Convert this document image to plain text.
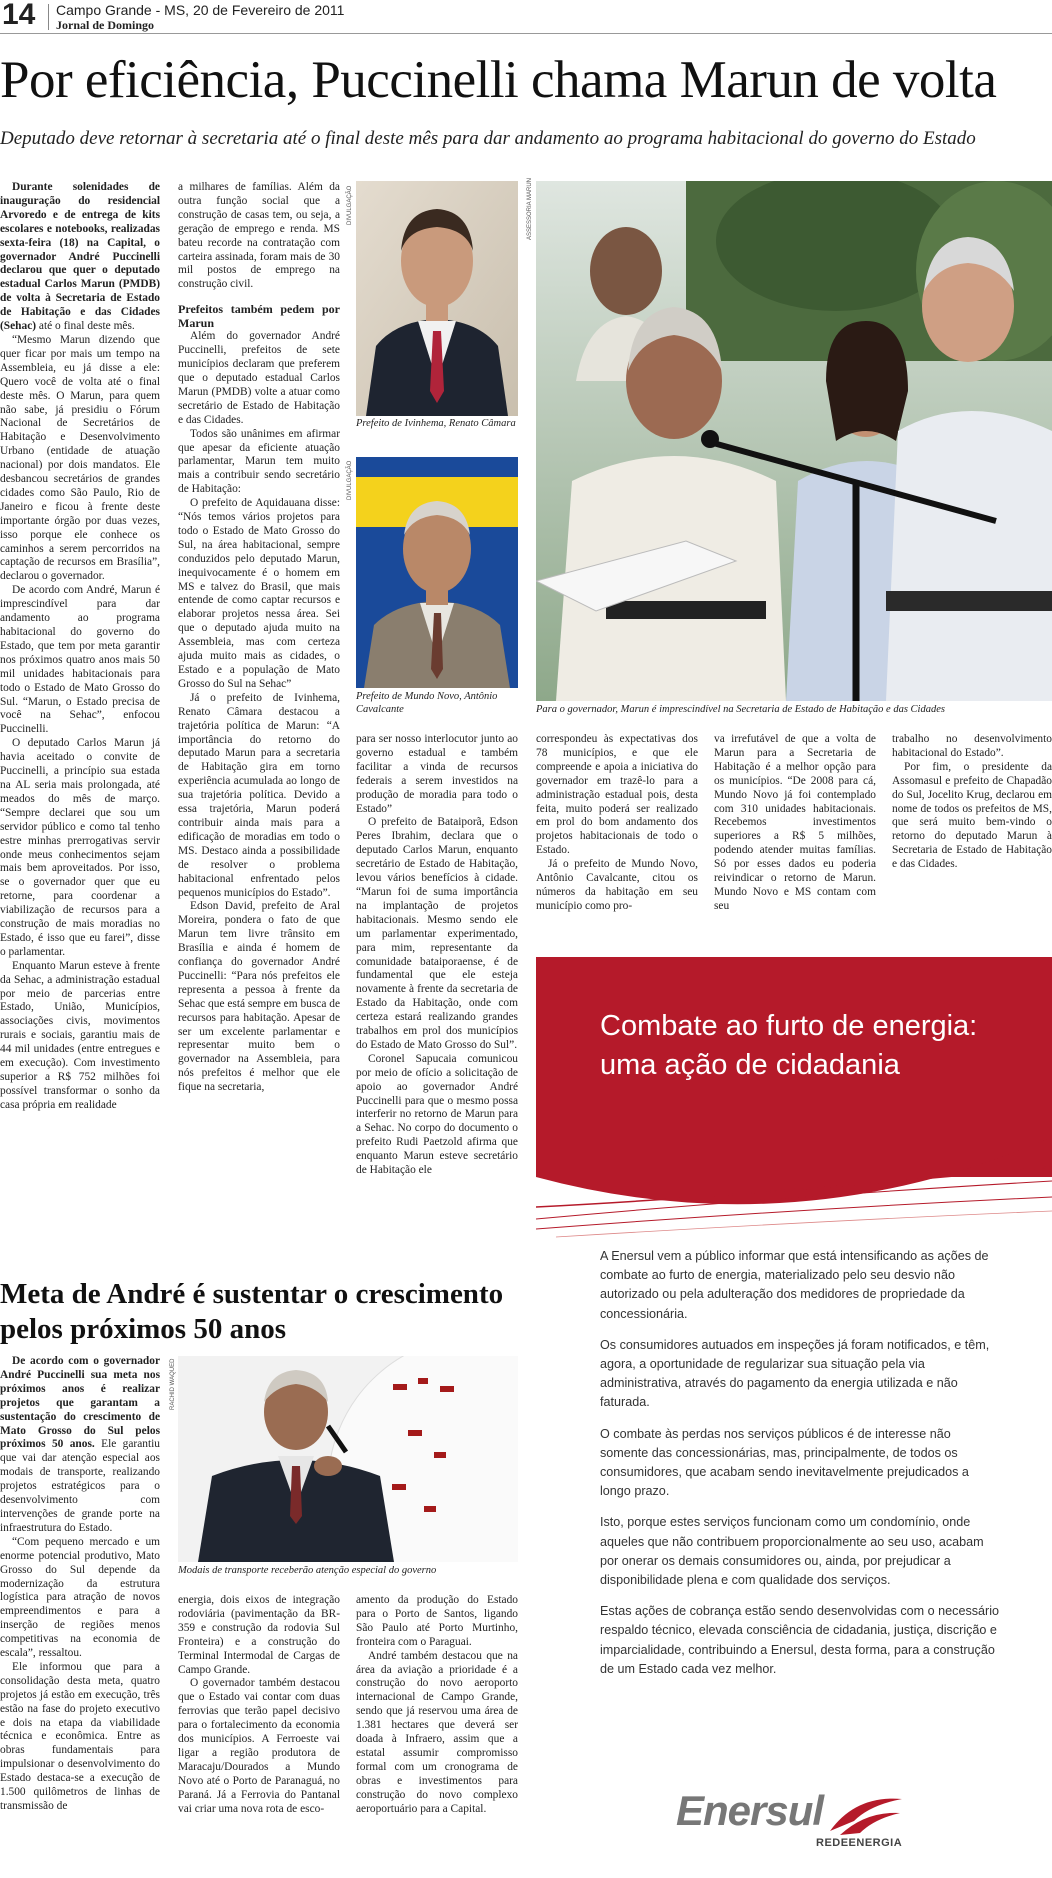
14 Campo Grande - MS, 20 de Fevereiro de 2011
Jornal de Domingo
Por eficiência, Puccinelli chama Marun de volta
Deputado deve retornar à secretaria até o final deste mês para dar andamento ao programa habitacional do governo do Estado

Durante solenidades de inauguração do residencial Arvoredo e de entrega de kits escolares e notebooks, realizadas sexta-feira (18) na Capital, o governador André Puccinelli declarou que quer o deputado estadual Carlos Marun (PMDB) de volta à Secretaria de Estado de Habitação e das Cidades (Sehac) até o final deste mês.

“Mesmo Marun dizendo que quer ficar por mais um tempo na Assembleia, eu já disse a ele: Quero você de volta até o final deste mês. O Marun, para quem não sabe, já presidiu o Fórum Nacional de Secretários de Habitação e Desenvolvimento Urbano (entidade de atuação nacional) por dois mandatos. Ele desbancou secretários de grandes cidades como São Paulo, Rio de Janeiro e ficou à frente deste importante órgão por duas vezes, isso porque ele conhece os caminhos a serem percorridos na captação de recursos em Brasília”, declarou o governador.

De acordo com André, Marun é imprescindível para dar andamento ao programa habitacional do governo do Estado, que tem por meta garantir nos próximos quatro anos mais 50 mil unidades habitacionais para todo o Estado de Mato Grosso do Sul. “Marun, o Estado precisa de você na Sehac”, enfocou Puccinelli.

O deputado Carlos Marun já havia aceitado o convite de Puccinelli, a princípio sua estada na AL seria mais prolongada, até meados do mês de março. “Sempre declarei que sou um servidor público e como tal tenho estre minhas prerrogativas servir onde meus conhecimentos sejam mais bem aproveitados. Por isso, se o governador quer que eu retorne, para coordenar a viabilização de recursos para a construção de mais moradias no Estado, é isso que eu farei”, disse o parlamentar.

Enquanto Marun esteve à frente da Sehac, a administração estadual por meio de parcerias entre Estado, União, Municípios, associações civis, movimentos rurais e sociais, garantiu mais de 44 mil unidades (entre entregues e em execução). Com investimento superior a R$ 752 milhões foi possível transformar o sonho da casa própria em realidade

a milhares de famílias. Além da outra função social que a construção de casas tem, ou seja, a geração de emprego e renda. MS bateu recorde na contratação com carteira assinada, foram mais de 30 mil postos de emprego na construção civil.

Prefeitos também pedem por Marun

Além do governador André Puccinelli, prefeitos de sete municípios declaram que preferem que o deputado estadual Carlos Marun (PMDB) volte a atuar como secretário de Estado de Habitação e das Cidades.

Todos são unânimes em afirmar que apesar da eficiente atuação parlamentar, Marun tem muito mais a contribuir sendo secretário de Habitação:

O prefeito de Aquidauana disse: “Nós temos vários projetos para todo o Estado de Mato Grosso do Sul, na área habitacional, sempre conduzidos pelo deputado Marun, inequivocamente é o homem em MS e talvez do Brasil, que mais entende de como captar recursos e elaborar projetos nessa área. Sei que o deputado ajuda muito na Assembleia, mas com certeza ajuda muito mais as cidades, o Estado e a população de Mato Grosso do Sul na Sehac”

Já o prefeito de Ivinhema, Renato Câmara destacou a trajetória política de Marun: “A importância do retorno do deputado Marun para a secretaria de Habitação gira em torno experiência acumulada ao longo de sua trajetória política. Devido a essa trajetória, Marun poderá contribuir ainda mais para a edificação de moradias em todo o MS. Destaco ainda a possibilidade de resolver o problema habitacional enfrentado pelos pequenos municípios do Estado”.

Edson David, prefeito de Aral Moreira, pondera o fato de que Marun tem livre trânsito em Brasília e ainda é homem de confiança do governador André Puccinelli: “Para nós prefeitos ele representa a pessoa à frente da Sehac que está sempre em busca de recursos para habitação. Apesar de ser um excelente parlamentar e representar muito bem o governador na Assembleia, para nós prefeitos é melhor que ele fique na secretaria,

DIVULGAÇÃO
Prefeito de Ivinhema, Renato Câmara
DIVULGAÇÃO
Prefeito de Mundo Novo, Antônio Cavalcante
ASSESSORIA MARUN
Para o governador, Marun é imprescindível na Secretaria de Estado de Habitação e das Cidades

para ser nosso interlocutor junto ao governo estadual e também facilitar a vinda de recursos federais a serem investidos na produção de moradia para todo o Estado”

O prefeito de Bataiporã, Edson Peres Ibrahim, declara que o deputado Carlos Marun, enquanto secretário de Estado de Habitação, levou vários benefícios à cidade. “Marun foi de suma importância na implantação de projetos habitacionais. Mesmo sendo ele um parlamentar experimentado, para mim, representante da comunidade bataiporaense, é de fundamental que ele esteja novamente à frente da secretaria de Estado da Habitação, onde com certeza estará realizando grandes trabalhos em prol dos municípios do Estado de Mato Grosso do Sul”.

Coronel Sapucaia comunicou por meio de ofício a solicitação de apoio ao governador André Puccinelli para que o mesmo possa interferir no retorno de Marun para a Sehac. No corpo do documento o prefeito Rudi Paetzold afirma que enquanto Marun esteve secretário de Habitação ele

correspondeu às expectativas dos 78 municípios, e que ele compreende e apoia a iniciativa do governador em trazê-lo para a administração estadual pois, desta feita, muito poderá ser realizado em prol do bom andamento dos projetos habitacionais de todo o Estado.

Já o prefeito de Mundo Novo, Antônio Cavalcante, citou os números da habitação em seu município como pro-

va irrefutável de que a volta de Marun para a Secretaria de Habitação é a melhor opção para os municípios. “De 2008 para cá, Mundo Novo já foi contemplado com 310 unidades habitacionais. Recebemos investimentos superiores a R$ 5 milhões, podendo atender muitas famílias. Só por esses dados eu poderia reivindicar o retorno de Marun. Mundo Novo e MS contam com seu

trabalho no desenvolvimento habitacional do Estado”.

Por fim, o presidente da Assomasul e prefeito de Chapadão do Sul, Jocelito Krug, declarou em nome de todos os prefeitos de MS, que será muito bem-vindo o retorno do deputado Marun à Secretaria de Estado de Habitação e das Cidades.

Meta de André é sustentar o crescimento pelos próximos 50 anos

De acordo com o governador André Puccinelli sua meta nos próximos anos é realizar projetos que garantam a sustentação do crescimento de Mato Grosso do Sul pelos próximos 50 anos. Ele garantiu que vai dar atenção especial aos modais de transporte, realizando projetos estratégicos para o desenvolvimento com intervenções de grande porte na infraestrutura do Estado.

“Com pequeno mercado e um enorme potencial produtivo, Mato Grosso do Sul depende da modernização da estrutura logística para atração de novos empreendimentos e para a inserção de regiões menos competitivas na economia de escala”, ressaltou.

Ele informou que para a consolidação desta meta, quatro projetos já estão em execução, três estão na fase do projeto executivo e dois na etapa da viabilidade técnica e econômica. Entre as obras fundamentais para impulsionar o desenvolvimento do Estado destaca-se a execução de 1.500 quilômetros de linhas de transmissão de

RACHID WAQUED
Modais de transporte receberão atenção especial do governo

energia, dois eixos de integração rodoviária (pavimentação da BR-359 e construção da rodovia Sul Fronteira) e a construção do Terminal Intermodal de Cargas de Campo Grande.

O governador também destacou que o Estado vai contar com duas ferrovias que terão papel decisivo para o fortalecimento da economia dos municípios. A Ferroeste vai ligar a região produtora de Maracaju/Dourados a Mundo Novo até o Porto de Paranaguá, no Paraná. Já a Ferrovia do Pantanal vai criar uma nova rota de esco-

amento da produção do Estado para o Porto de Santos, ligando São Paulo até Porto Murtinho, fronteira com o Paraguai.

André também destacou que na área da aviação a prioridade é a construção do novo aeroporto internacional de Campo Grande, sendo que já reservou uma área de 1.381 hectares que deverá ser doada à Infraero, assim que a estatal assumir compromisso formal com um cronograma de obras e investimentos para construção do novo complexo aeroportuário para a Capital.

Combate ao furto de energia: uma ação de cidadania

A Enersul vem a público informar que está intensificando as ações de combate ao furto de energia, materializado pelo seu desvio não autorizado ou pela adulteração dos medidores de propriedade da concessionária.

Os consumidores autuados em inspeções já foram notificados, e têm, agora, a oportunidade de regularizar sua situação pela via administrativa, através do pagamento da energia utilizada e não faturada.

O combate às perdas nos serviços públicos é de interesse não somente das concessionárias, mas, principalmente, de todos os consumidores, que acabam sendo inevitavelmente prejudicados a longo prazo.

Isto, porque estes serviços funcionam como um condomínio, onde aqueles que não contribuem proporcionalmente ao seu uso, acabam por onerar os demais consumidores ou, ainda, por prejudicar a disponibilidade plena e com qualidade dos serviços.

Estas ações de cobrança estão sendo desenvolvidas com o necessário respaldo técnico, elevada consciência de cidadania, justiça, discrição e imparcialidade, contribuindo a Enersul, desta forma, para a construção de um Estado cada vez melhor.

Enersul
REDEENERGIA
